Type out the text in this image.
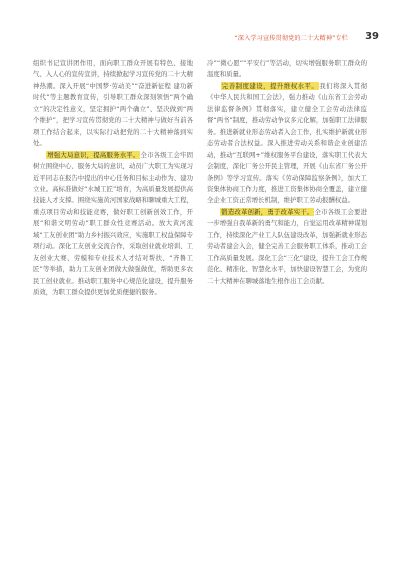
“深入学习宣传贯彻党的二十大精神”专栏 39

组织书记宣讲团作用，面向职工群众开展有特色、接地气、入人心的宣传宣讲，持续掀起学习宣传党的二十大精神热潮。深入开展“中国梦·劳动美”“奋进新征程 建功新时代”等主题教育宣传，引导职工群众深刻领悟“两个确立”的决定性意义，坚定拥护“两个确立”、坚决做到“两个维护”，把学习宣传贯彻党的二十大精神与做好当前各项工作结合起来，以实际行动把党的二十大精神落到实处。

　　增强大局意识，提高服务水平。全市各级工会牢固树立围绕中心、服务大局的意识，动员广大职工为实现习近平同志在报告中提出的中心任务和目标主动作为、建功立业。高标准做好“水城工匠”培育，为高质量发展提供高技能人才支撑。围绕实施黄河国家战略和聊城重大工程，重点项目劳动和技能竞赛，做好职工创新创效工作，开展“和谐文明劳动”职工群众性竞赛活动。放大黄河流域“工友创业团”助力乡村振兴效应，实施职工权益保障专项行动。深化工友创业交流合作，采取创业就业培训、工友创业大赛、劳模和专业技术人才结对帮扶、“齐鲁工匠”等举措，助力工友创业团做大做强做优，帮助更多农民工创业就业。推动职工服务中心规范化建设，提升服务质效，为职工群众提供更加优质便捷的服务。

冷”“微心愿”“平安行”等活动，切实增强服务职工群众的温度和质量。

　　完善制度建设，提升维权水平。我们将深入贯彻《中华人民共和国工会法》，强力推动《山东省工会劳动法律监督条例》贯彻落实，建立健全工会劳动法律监督“两书”制度，推动劳动争议多元化解，加强职工法律服务。推进新就业形态劳动者入会工作，扎实维护新就业形态劳动者合法权益。深入推进劳动关系和谐企业创建活动，推动“互联网+”维权服务平台建设，落实职工代表大会制度，深化厂务公开民主管理，开展《山东省厂务公开条例》等学习宣传。落实《劳动保障监察条例》，加大工资集体协商工作力度，推进工资集体协商全覆盖，建立健全企业工资正常增长机制，维护职工劳动报酬权益。

　　锻造改革创新，勇于改革实干。全市各级工会要进一步增强自我革新的勇气和能力，自觉运用改革精神谋划工作，持续深化产业工人队伍建设改革，加强新就业形态劳动者建会入会，健全完善工会服务职工体系，推动工会工作高质量发展。深化工会“三化”建设，提升工会工作规范化、精准化、智慧化水平，加快建设智慧工会，为党的二十大精神在聊城落地生根作出工会贡献。
